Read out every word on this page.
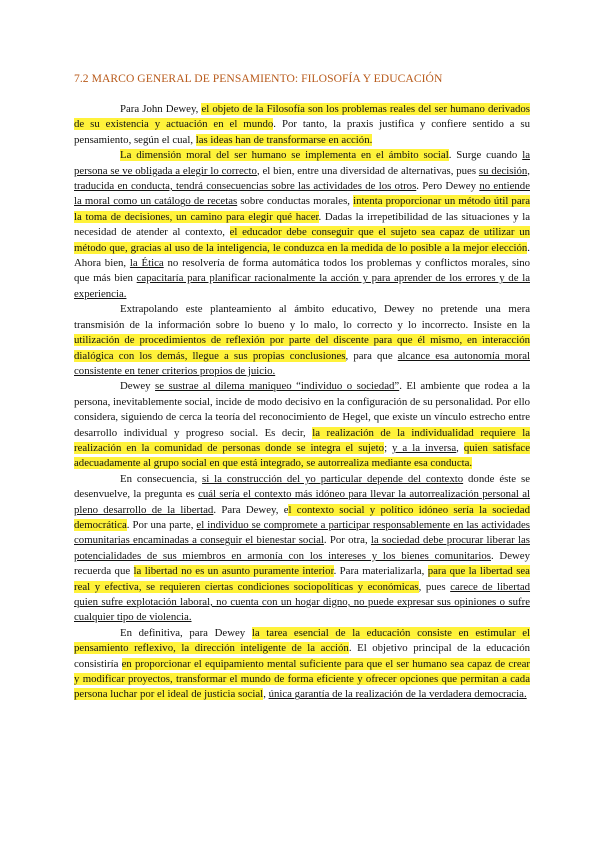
7.2 MARCO GENERAL DE PENSAMIENTO: FILOSOFÍA Y EDUCACIÓN

Para John Dewey, el objeto de la Filosofía son los problemas reales del ser humano derivados de su existencia y actuación en el mundo. Por tanto, la praxis justifica y confiere sentido a su pensamiento, según el cual, las ideas han de transformarse en acción.

La dimensión moral del ser humano se implementa en el ámbito social. Surge cuando la persona se ve obligada a elegir lo correcto, el bien, entre una diversidad de alternativas, pues su decisión, traducida en conducta, tendrá consecuencias sobre las actividades de los otros. Pero Dewey no entiende la moral como un catálogo de recetas sobre conductas morales, intenta proporcionar un método útil para la toma de decisiones, un camino para elegir qué hacer. Dadas la irrepetibilidad de las situaciones y la necesidad de atender al contexto, el educador debe conseguir que el sujeto sea capaz de utilizar un método que, gracias al uso de la inteligencia, le conduzca en la medida de lo posible a la mejor elección. Ahora bien, la Ética no resolvería de forma automática todos los problemas y conflictos morales, sino que más bien capacitaría para planificar racionalmente la acción y para aprender de los errores y de la experiencia.

Extrapolando este planteamiento al ámbito educativo, Dewey no pretende una mera transmisión de la información sobre lo bueno y lo malo, lo correcto y lo incorrecto. Insiste en la utilización de procedimientos de reflexión por parte del discente para que él mismo, en interacción dialógica con los demás, llegue a sus propias conclusiones, para que alcance esa autonomía moral consistente en tener criterios propios de juicio.

Dewey se sustrae al dilema maniqueo “individuo o sociedad”. El ambiente que rodea a la persona, inevitablemente social, incide de modo decisivo en la configuración de su personalidad. Por ello considera, siguiendo de cerca la teoría del reconocimiento de Hegel, que existe un vínculo estrecho entre desarrollo individual y progreso social. Es decir, la realización de la individualidad requiere la realización en la comunidad de personas donde se integra el sujeto; y a la inversa, quien satisface adecuadamente al grupo social en que está integrado, se autorrealiza mediante esa conducta.

En consecuencia, si la construcción del yo particular depende del contexto donde éste se desenvuelve, la pregunta es cuál sería el contexto más idóneo para llevar la autorrealización personal al pleno desarrollo de la libertad. Para Dewey, el contexto social y político idóneo sería la sociedad democrática. Por una parte, el individuo se compromete a participar responsablemente en las actividades comunitarias encaminadas a conseguir el bienestar social. Por otra, la sociedad debe procurar liberar las potencialidades de sus miembros en armonía con los intereses y los bienes comunitarios. Dewey recuerda que la libertad no es un asunto puramente interior. Para materializarla, para que la libertad sea real y efectiva, se requieren ciertas condiciones sociopolíticas y económicas, pues carece de libertad quien sufre explotación laboral, no cuenta con un hogar digno, no puede expresar sus opiniones o sufre cualquier tipo de violencia.

En definitiva, para Dewey la tarea esencial de la educación consiste en estimular el pensamiento reflexivo, la dirección inteligente de la acción. El objetivo principal de la educación consistiría en proporcionar el equipamiento mental suficiente para que el ser humano sea capaz de crear y modificar proyectos, transformar el mundo de forma eficiente y ofrecer opciones que permitan a cada persona luchar por el ideal de justicia social, única garantía de la realización de la verdadera democracia.
